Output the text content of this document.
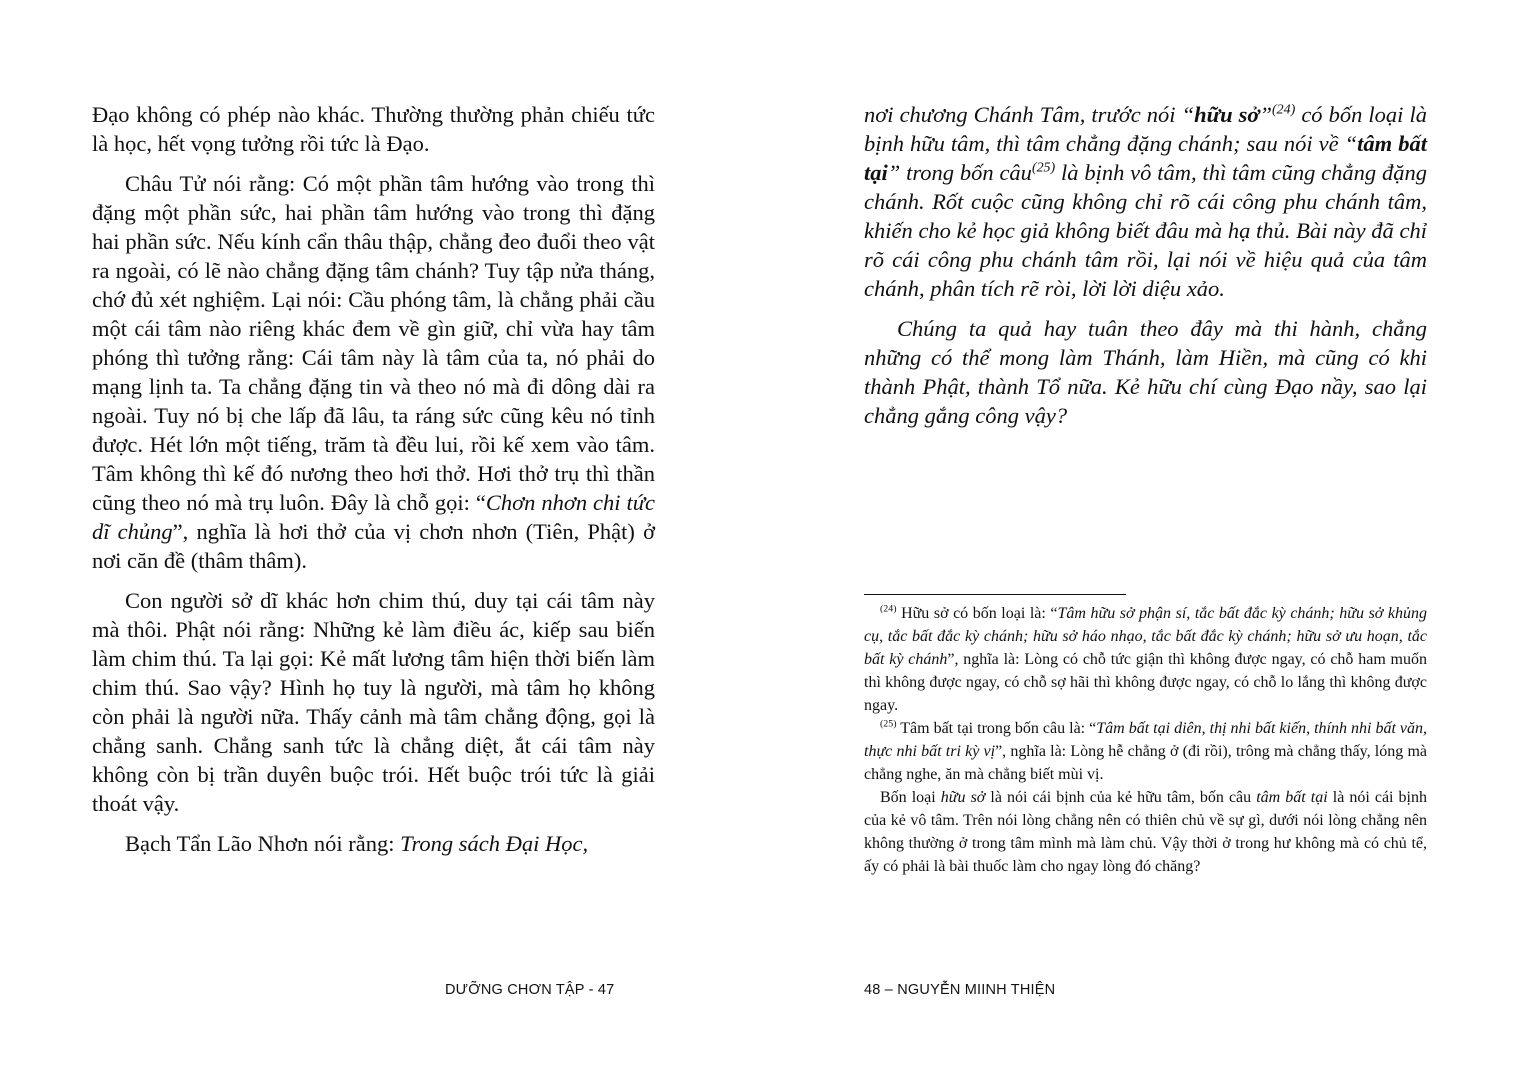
Đạo không có phép nào khác. Thường thường phản chiếu tức là học, hết vọng tưởng rồi tức là Đạo.

Châu Tử nói rằng: Có một phần tâm hướng vào trong thì đặng một phần sức, hai phần tâm hướng vào trong thì đặng hai phần sức. Nếu kính cẩn thâu thập, chẳng đeo đuổi theo vật ra ngoài, có lẽ nào chẳng đặng tâm chánh? Tuy tập nửa tháng, chớ đủ xét nghiệm. Lại nói: Cầu phóng tâm, là chẳng phải cầu một cái tâm nào riêng khác đem về gìn giữ, chỉ vừa hay tâm phóng thì tưởng rằng: Cái tâm này là tâm của ta, nó phải do mạng lịnh ta. Ta chẳng đặng tin và theo nó mà đi dông dài ra ngoài. Tuy nó bị che lấp đã lâu, ta ráng sức cũng kêu nó tỉnh được. Hét lớn một tiếng, trăm tà đều lui, rồi kế xem vào tâm. Tâm không thì kế đó nương theo hơi thở. Hơi thở trụ thì thần cũng theo nó mà trụ luôn. Đây là chỗ gọi: “Chơn nhơn chi tức dĩ chủng”, nghĩa là hơi thở của vị chơn nhơn (Tiên, Phật) ở nơi căn đề (thâm thâm).

Con người sở dĩ khác hơn chim thú, duy tại cái tâm này mà thôi. Phật nói rằng: Những kẻ làm điều ác, kiếp sau biến làm chim thú. Ta lại gọi: Kẻ mất lương tâm hiện thời biến làm chim thú. Sao vậy? Hình họ tuy là người, mà tâm họ không còn phải là người nữa. Thấy cảnh mà tâm chẳng động, gọi là chẳng sanh. Chẳng sanh tức là chẳng diệt, ắt cái tâm này không còn bị trần duyên buộc trói. Hết buộc trói tức là giải thoát vậy.

Bạch Tẩn Lão Nhơn nói rằng: Trong sách Đại Học,

nơi chương Chánh Tâm, trước nói “hữu sở”$^{(24)}$ có bốn loại là bịnh hữu tâm, thì tâm chẳng đặng chánh; sau nói về “tâm bất tại” trong bốn câu$^{(25)}$ là bịnh vô tâm, thì tâm cũng chẳng đặng chánh. Rốt cuộc cũng không chỉ rõ cái công phu chánh tâm, khiến cho kẻ học giả không biết đâu mà hạ thủ. Bài này đã chỉ rõ cái công phu chánh tâm rồi, lại nói về hiệu quả của tâm chánh, phân tích rẽ ròi, lời lời diệu xảo.

Chúng ta quả hay tuân theo đây mà thi hành, chẳng những có thể mong làm Thánh, làm Hiền, mà cũng có khi thành Phật, thành Tổ nữa. Kẻ hữu chí cùng Đạo nầy, sao lại chẳng gắng công vậy?

$^{(24)}$ Hữu sở có bốn loại là: “Tâm hữu sở phận sí, tắc bất đắc kỳ chánh; hữu sở khủng cụ, tắc bất đắc kỳ chánh; hữu sở háo nhạo, tắc bất đắc kỳ chánh; hữu sở ưu hoạn, tắc bất kỳ chánh”, nghĩa là: Lòng có chỗ tức giận thì không được ngay, có chỗ ham muốn thì không được ngay, có chỗ sợ hãi thì không được ngay, có chỗ lo lắng thì không được ngay.

$^{(25)}$ Tâm bất tại trong bốn câu là: “Tâm bất tại diên, thị nhi bất kiến, thính nhi bất văn, thực nhi bất tri kỳ vị”, nghĩa là: Lòng hễ chẳng ở (đi rồi), trông mà chẳng thấy, lóng mà chẳng nghe, ăn mà chẳng biết mùi vị.

Bốn loại hữu sở là nói cái bịnh của kẻ hữu tâm, bốn câu tâm bất tại là nói cái bịnh của kẻ vô tâm. Trên nói lòng chẳng nên có thiên chủ về sự gì, dưới nói lòng chẳng nên không thường ở trong tâm mình mà làm chủ. Vậy thời ở trong hư không mà có chủ tể, ấy có phải là bài thuốc làm cho ngay lòng đó chăng?

DƯỠNG CHƠN TẬP - 47	48 – NGUYỄN MIINH THIỆN
